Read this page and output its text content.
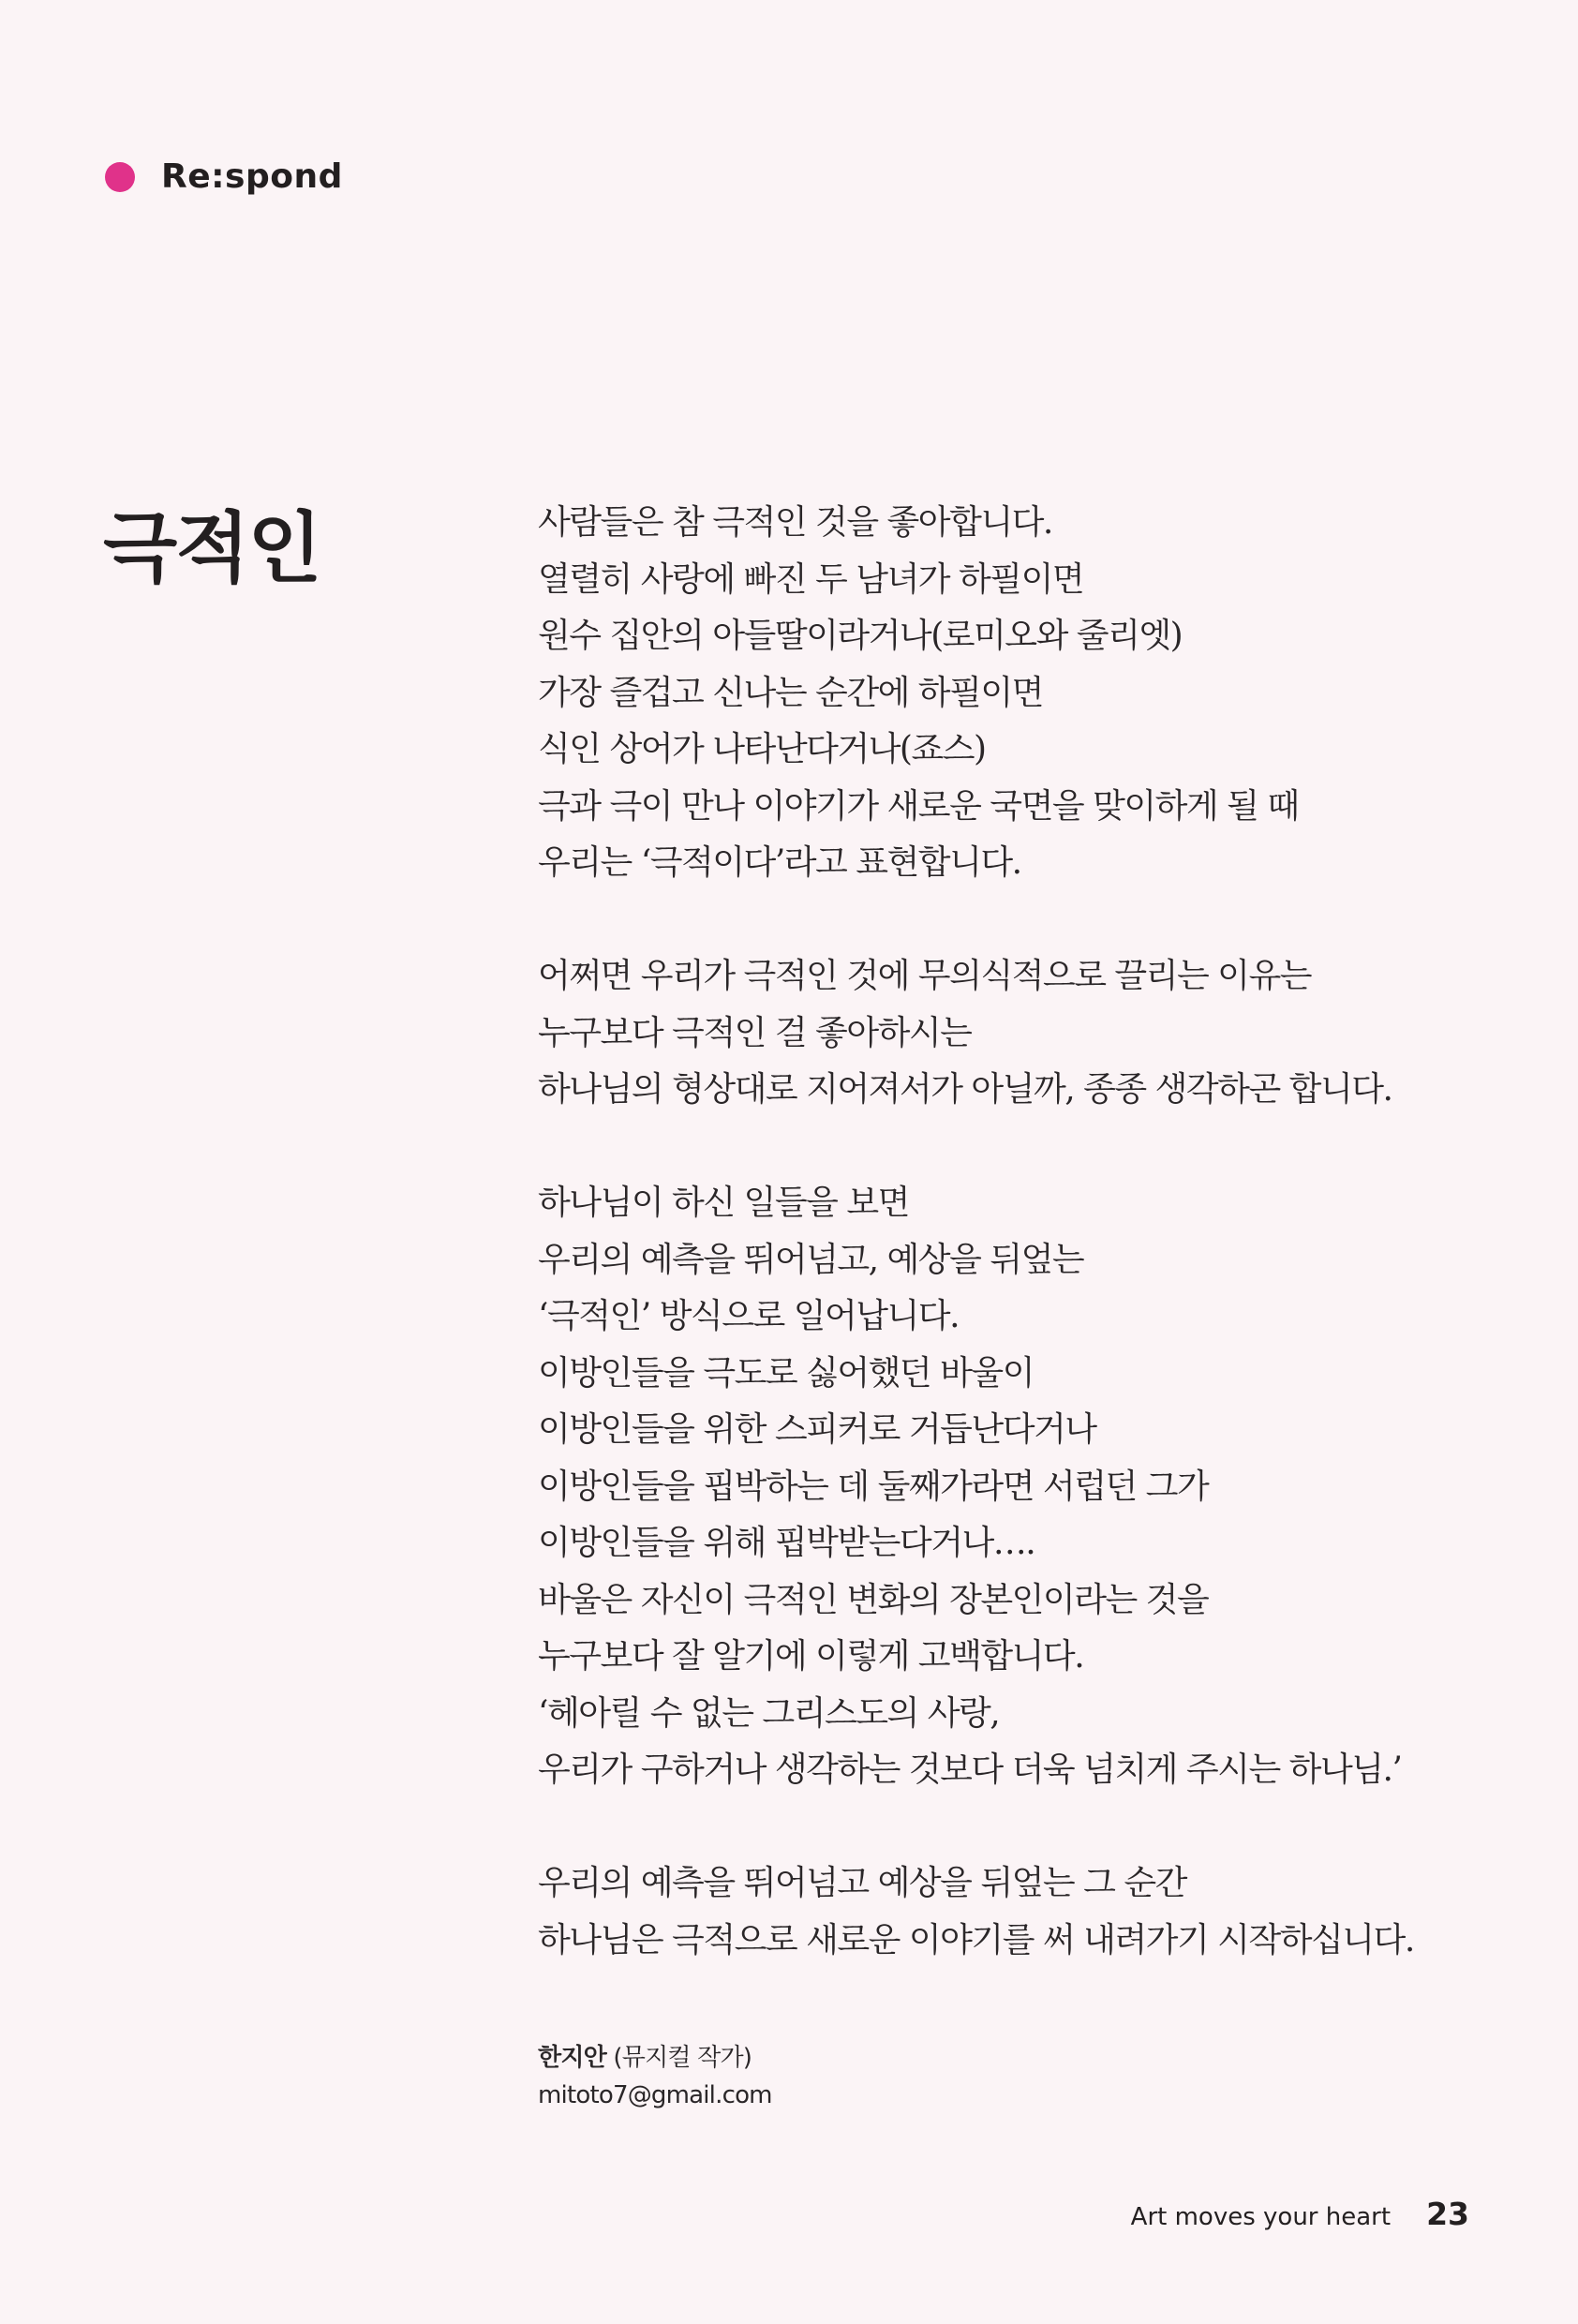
Re:spond
극적인	사람들은 참 극적인 것을 좋아합니다.
열렬히 사랑에 빠진 두 남녀가 하필이면
원수 집안의 아들딸이라거나(로미오와 줄리엣)
가장 즐겁고 신나는 순간에 하필이면
식인 상어가 나타난다거나(죠스)
극과 극이 만나 이야기가 새로운 국면을 맞이하게 될 때
우리는 ‘극적이다’라고 표현합니다.
어쩌면 우리가 극적인 것에 무의식적으로 끌리는 이유는
누구보다 극적인 걸 좋아하시는
하나님의 형상대로 지어져서가 아닐까, 종종 생각하곤 합니다.
하나님이 하신 일들을 보면
우리의 예측을 뛰어넘고, 예상을 뒤엎는
‘극적인’ 방식으로 일어납니다.
이방인들을 극도로 싫어했던 바울이
이방인들을 위한 스피커로 거듭난다거나
이방인들을 핍박하는 데 둘째가라면 서럽던 그가
이방인들을 위해 핍박받는다거나….
바울은 자신이 극적인 변화의 장본인이라는 것을
누구보다 잘 알기에 이렇게 고백합니다.
‘헤아릴 수 없는 그리스도의 사랑,
우리가 구하거나 생각하는 것보다 더욱 넘치게 주시는 하나님.’
우리의 예측을 뛰어넘고 예상을 뒤엎는 그 순간
하나님은 극적으로 새로운 이야기를 써 내려가기 시작하십니다.
한지안 (뮤지컬 작가)
mitoto7@gmail.com
Art moves your heart 23
